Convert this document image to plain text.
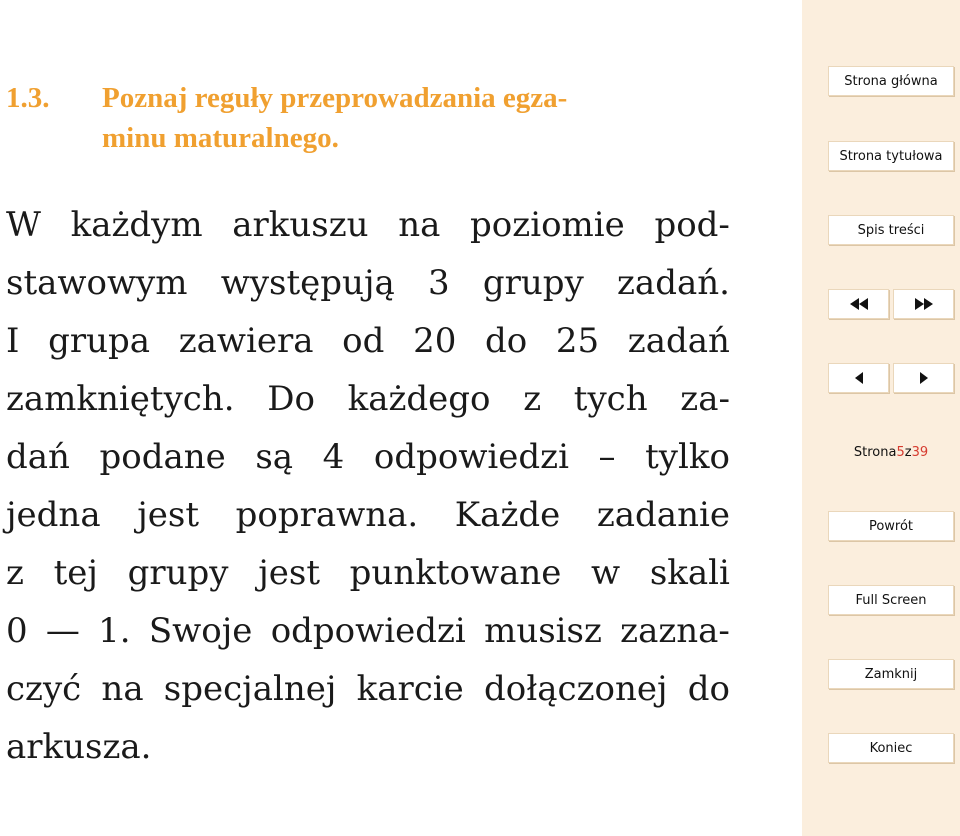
1.3.	Poznaj reguły przeprowadzania egza-
minu maturalnego.
W każdym arkuszu na poziomie pod-
stawowym występują 3 grupy zadań.
I grupa zawiera od 20 do 25 zadań
zamkniętych. Do każdego z tych za-
dań podane są 4 odpowiedzi – tylko
jedna jest poprawna. Każde zadanie
z tej grupy jest punktowane w skali
0 — 1. Swoje odpowiedzi musisz zazna-
czyć na specjalnej karcie dołączonej do
arkusza.
Strona główna
Strona tytułowa
Spis treści
Strona 5 z 39
Powrót
Full Screen
Zamknij
Koniec
